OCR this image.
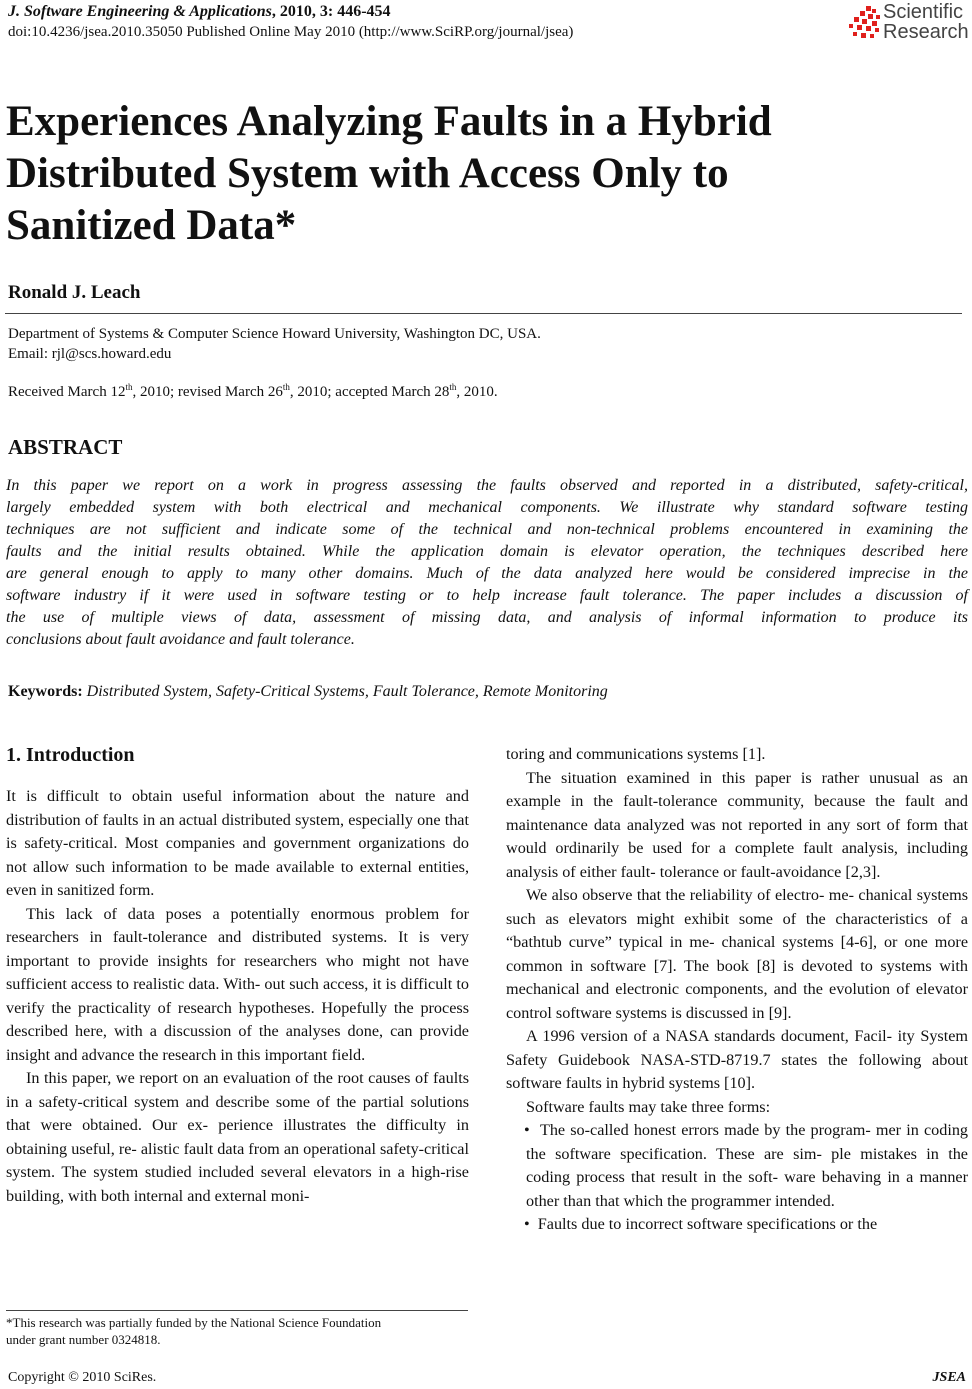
J. Software Engineering & Applications, 2010, 3: 446-454
doi:10.4236/jsea.2010.35050 Published Online May 2010 (http://www.SciRP.org/journal/jsea)
Scientific
Research
Experiences Analyzing Faults in a Hybrid
Distributed System with Access Only to
Sanitized Data*
Ronald J. Leach
Department of Systems & Computer Science Howard University, Washington DC, USA.
Email: rjl@scs.howard.edu
Received March 12th, 2010; revised March 26th, 2010; accepted March 28th, 2010.
ABSTRACT
In this paper we report on a work in progress assessing the faults observed and reported in a distributed, safety-critical,
largely embedded system with both electrical and mechanical components. We illustrate why standard software testing
techniques are not sufficient and indicate some of the technical and non-technical problems encountered in examining the
faults and the initial results obtained. While the application domain is elevator operation, the techniques described here
are general enough to apply to many other domains. Much of the data analyzed here would be considered imprecise in the
software industry if it were used in software testing or to help increase fault tolerance. The paper includes a discussion of
the use of multiple views of data, assessment of missing data, and analysis of informal information to produce its
conclusions about fault avoidance and fault tolerance.
Keywords: Distributed System, Safety-Critical Systems, Fault Tolerance, Remote Monitoring
1. Introduction

It is difficult to obtain useful information about the nature and distribution of faults in an actual distributed system, especially one that is safety-critical. Most companies and government organizations do not allow such information to be made available to external entities, even in sanitized form.

This lack of data poses a potentially enormous problem for researchers in fault-tolerance and distributed systems. It is very important to provide insights for researchers who might not have sufficient access to realistic data. With- out such access, it is difficult to verify the practicality of research hypotheses. Hopefully the process described here, with a discussion of the analyses done, can provide insight and advance the research in this important field.

In this paper, we report on an evaluation of the root causes of faults in a safety-critical system and describe some of the partial solutions that were obtained. Our ex- perience illustrates the difficulty in obtaining useful, re- alistic fault data from an operational safety-critical system. The system studied included several elevators in a high-rise building, with both internal and external moni-

toring and communications systems [1].

The situation examined in this paper is rather unusual as an example in the fault-tolerance community, because the fault and maintenance data analyzed was not reported in any sort of form that would ordinarily be used for a complete fault analysis, including analysis of either fault- tolerance or fault-avoidance [2,3].

We also observe that the reliability of electro- me- chanical systems such as elevators might exhibit some of the characteristics of a “bathtub curve” typical in me- chanical systems [4-6], or one more common in software [7]. The book [8] is devoted to systems with mechanical and electronic components, and the evolution of elevator control software systems is discussed in [9].

A 1996 version of a NASA standards document, Facil- ity System Safety Guidebook NASA-STD-8719.7 states the following about software faults in hybrid systems [10].

Software faults may take three forms:

•  The so-called honest errors made by the program- mer in coding the software specification. These are sim- ple mistakes in the coding process that result in the soft- ware behaving in a manner other than that which the programmer intended.

•  Faults due to incorrect software specifications or the

*This research was partially funded by the National Science Foundation
under grant number 0324818.
Copyright © 2010 SciRes.	JSEA
